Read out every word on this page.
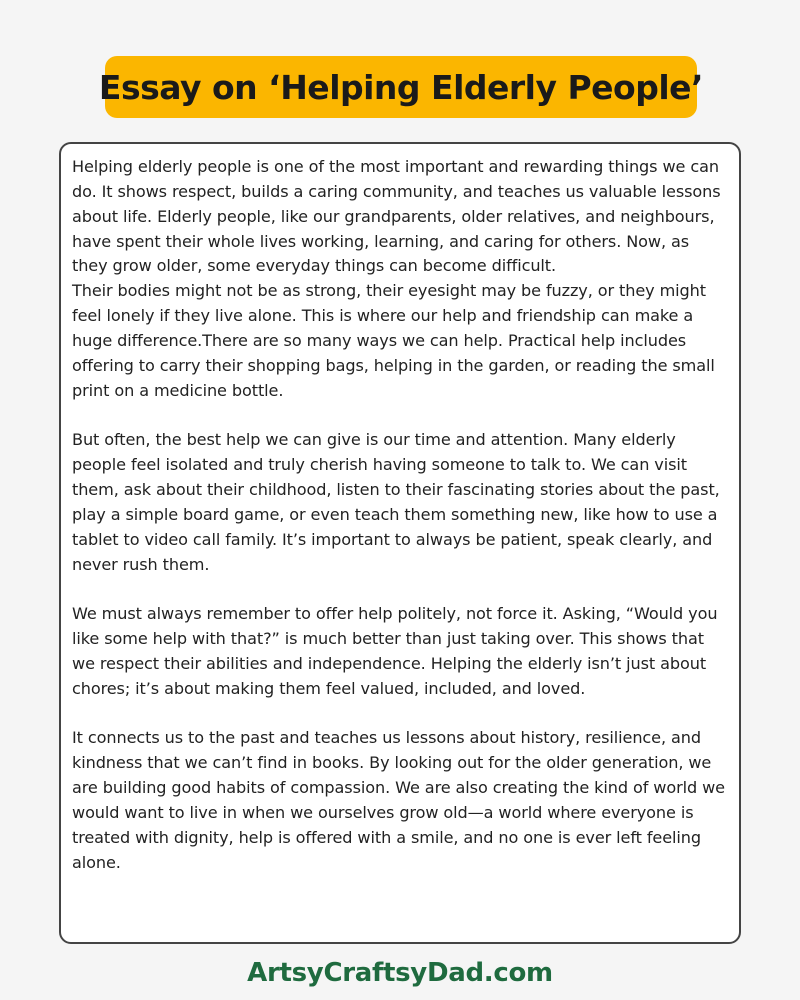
Essay on ‘Helping Elderly People’

Helping elderly people is one of the most important and rewarding things we can do. It shows respect, builds a caring community, and teaches us valuable lessons about life. Elderly people, like our grandparents, older relatives, and neighbours, have spent their whole lives working, learning, and caring for others. Now, as they grow older, some everyday things can become difficult.

Their bodies might not be as strong, their eyesight may be fuzzy, or they might feel lonely if they live alone. This is where our help and friendship can make a huge difference.There are so many ways we can help. Practical help includes offering to carry their shopping bags, helping in the garden, or reading the small print on a medicine bottle.

But often, the best help we can give is our time and attention. Many elderly people feel isolated and truly cherish having someone to talk to. We can visit them, ask about their childhood, listen to their fascinating stories about the past, play a simple board game, or even teach them something new, like how to use a tablet to video call family. It’s important to always be patient, speak clearly, and never rush them.

We must always remember to offer help politely, not force it. Asking, “Would you like some help with that?” is much better than just taking over. This shows that we respect their abilities and independence. Helping the elderly isn’t just about chores; it’s about making them feel valued, included, and loved.

It connects us to the past and teaches us lessons about history, resilience, and kindness that we can’t find in books. By looking out for the older generation, we are building good habits of compassion. We are also creating the kind of world we would want to live in when we ourselves grow old—a world where everyone is treated with dignity, help is offered with a smile, and no one is ever left feeling alone.

ArtsyCraftsyDad.com
